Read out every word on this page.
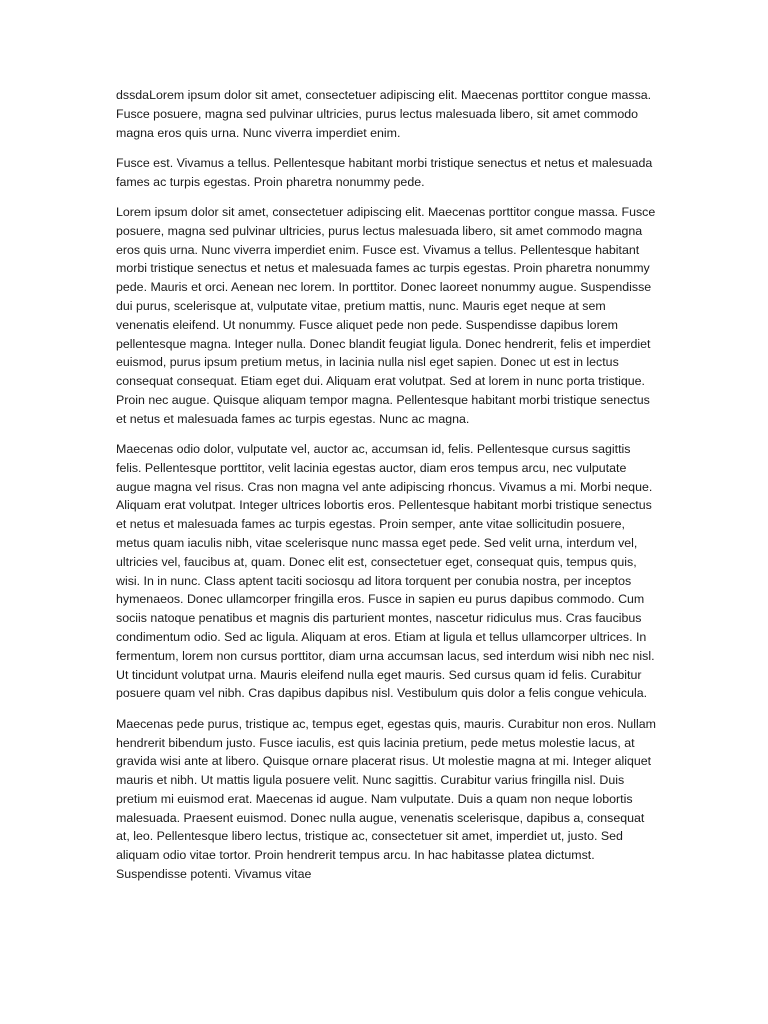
dssdaLorem ipsum dolor sit amet, consectetuer adipiscing elit. Maecenas porttitor congue massa. Fusce posuere, magna sed pulvinar ultricies, purus lectus malesuada libero, sit amet commodo magna eros quis urna. Nunc viverra imperdiet enim.

Fusce est. Vivamus a tellus. Pellentesque habitant morbi tristique senectus et netus et malesuada fames ac turpis egestas. Proin pharetra nonummy pede.

Lorem ipsum dolor sit amet, consectetuer adipiscing elit. Maecenas porttitor congue massa. Fusce posuere, magna sed pulvinar ultricies, purus lectus malesuada libero, sit amet commodo magna eros quis urna. Nunc viverra imperdiet enim. Fusce est. Vivamus a tellus. Pellentesque habitant morbi tristique senectus et netus et malesuada fames ac turpis egestas. Proin pharetra nonummy pede. Mauris et orci. Aenean nec lorem. In porttitor. Donec laoreet nonummy augue. Suspendisse dui purus, scelerisque at, vulputate vitae, pretium mattis, nunc. Mauris eget neque at sem venenatis eleifend. Ut nonummy. Fusce aliquet pede non pede. Suspendisse dapibus lorem pellentesque magna. Integer nulla. Donec blandit feugiat ligula. Donec hendrerit, felis et imperdiet euismod, purus ipsum pretium metus, in lacinia nulla nisl eget sapien. Donec ut est in lectus consequat consequat. Etiam eget dui. Aliquam erat volutpat. Sed at lorem in nunc porta tristique. Proin nec augue. Quisque aliquam tempor magna. Pellentesque habitant morbi tristique senectus et netus et malesuada fames ac turpis egestas. Nunc ac magna.

Maecenas odio dolor, vulputate vel, auctor ac, accumsan id, felis. Pellentesque cursus sagittis felis. Pellentesque porttitor, velit lacinia egestas auctor, diam eros tempus arcu, nec vulputate augue magna vel risus. Cras non magna vel ante adipiscing rhoncus. Vivamus a mi. Morbi neque. Aliquam erat volutpat. Integer ultrices lobortis eros. Pellentesque habitant morbi tristique senectus et netus et malesuada fames ac turpis egestas. Proin semper, ante vitae sollicitudin posuere, metus quam iaculis nibh, vitae scelerisque nunc massa eget pede. Sed velit urna, interdum vel, ultricies vel, faucibus at, quam. Donec elit est, consectetuer eget, consequat quis, tempus quis, wisi. In in nunc. Class aptent taciti sociosqu ad litora torquent per conubia nostra, per inceptos hymenaeos. Donec ullamcorper fringilla eros. Fusce in sapien eu purus dapibus commodo. Cum sociis natoque penatibus et magnis dis parturient montes, nascetur ridiculus mus. Cras faucibus condimentum odio. Sed ac ligula. Aliquam at eros. Etiam at ligula et tellus ullamcorper ultrices. In fermentum, lorem non cursus porttitor, diam urna accumsan lacus, sed interdum wisi nibh nec nisl. Ut tincidunt volutpat urna. Mauris eleifend nulla eget mauris. Sed cursus quam id felis. Curabitur posuere quam vel nibh. Cras dapibus dapibus nisl. Vestibulum quis dolor a felis congue vehicula.

Maecenas pede purus, tristique ac, tempus eget, egestas quis, mauris. Curabitur non eros. Nullam hendrerit bibendum justo. Fusce iaculis, est quis lacinia pretium, pede metus molestie lacus, at gravida wisi ante at libero. Quisque ornare placerat risus. Ut molestie magna at mi. Integer aliquet mauris et nibh. Ut mattis ligula posuere velit. Nunc sagittis. Curabitur varius fringilla nisl. Duis pretium mi euismod erat. Maecenas id augue. Nam vulputate. Duis a quam non neque lobortis malesuada. Praesent euismod. Donec nulla augue, venenatis scelerisque, dapibus a, consequat at, leo. Pellentesque libero lectus, tristique ac, consectetuer sit amet, imperdiet ut, justo. Sed aliquam odio vitae tortor. Proin hendrerit tempus arcu. In hac habitasse platea dictumst. Suspendisse potenti. Vivamus vitae
